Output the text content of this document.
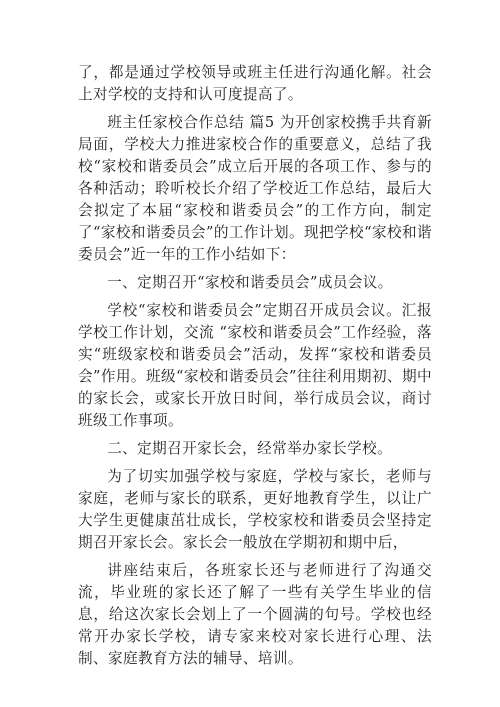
了，都是通过学校领导或班主任进行沟通化解。社会上对学校的支持和认可度提高了。

班主任家校合作总结 篇5 为开创家校携手共育新局面，学校大力推进家校合作的重要意义，总结了我校“家校和谐委员会”成立后开展的各项工作、参与的各种活动；聆听校长介绍了学校近工作总结，最后大会拟定了本届“家校和谐委员会”的工作方向，制定了“家校和谐委员会”的工作计划。现把学校“家校和谐委员会”近一年的工作小结如下：

一、定期召开“家校和谐委员会”成员会议。

学校“家校和谐委员会”定期召开成员会议。汇报学校工作计划，交流 “家校和谐委员会”工作经验，落实“班级家校和谐委员会”活动，发挥“家校和谐委员会”作用。班级“家校和谐委员会”往往利用期初、期中的家长会，或家长开放日时间，举行成员会议，商讨班级工作事项。

二、定期召开家长会，经常举办家长学校。

为了切实加强学校与家庭，学校与家长，老师与家庭，老师与家长的联系，更好地教育学生，以让广大学生更健康茁壮成长，学校家校和谐委员会坚持定期召开家长会。家长会一般放在学期初和期中后，

讲座结束后，各班家长还与老师进行了沟通交流，毕业班的家长还了解了一些有关学生毕业的信息，给这次家长会划上了一个圆满的句号。学校也经常开办家长学校，请专家来校对家长进行心理、法制、家庭教育方法的辅导、培训。
